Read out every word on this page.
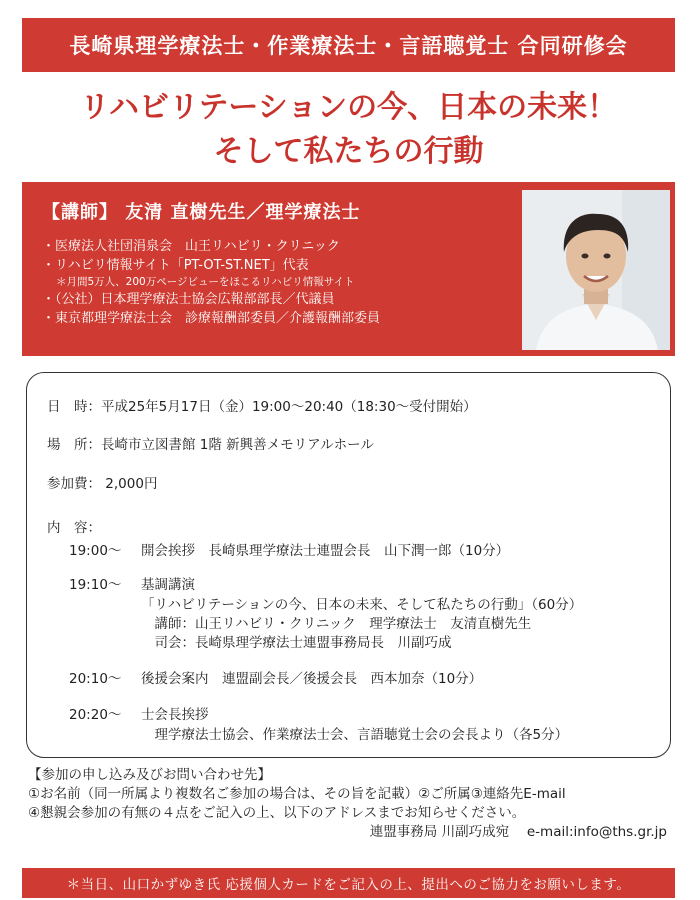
長崎県理学療法士・作業療法士・言語聴覚士 合同研修会
リハビリテーションの今、日本の未来！
そして私たちの行動
【講師】 友清 直樹先生／理学療法士
・医療法人社団涓泉会　山王リハビリ・クリニック
・リハビリ情報サイト「PT-OT-ST.NET」代表
＊月間5万人、200万ページビューをほこるリハビリ情報サイト
・（公社）日本理学療法士協会広報部部長／代議員
・東京都理学療法士会　診療報酬部委員／介護報酬部委員
日　時：平成25年5月17日（金）19:00〜20:40（18:30〜受付開始）
場　所：長崎市立図書館 1階 新興善メモリアルホール
参加費： 2,000円
内　容：
19:00〜 開会挨拶　長崎県理学療法士連盟会長　山下潤一郎（10分）
19:10〜 基調講演
「リハビリテーションの今、日本の未来、そして私たちの行動」（60分）
　講師：山王リハビリ・クリニック　理学療法士　友清直樹先生
　司会：長崎県理学療法士連盟事務局長　川副巧成
20:10〜 後援会案内　連盟副会長／後援会長　西本加奈（10分）
20:20〜 士会長挨拶
　理学療法士協会、作業療法士会、言語聴覚士会の会長より（各5分）
【参加の申し込み及びお問い合わせ先】
①お名前（同一所属より複数名ご参加の場合は、その旨を記載）②ご所属③連絡先E-mail
④懇親会参加の有無の４点をご記入の上、以下のアドレスまでお知らせください。
連盟事務局 川副巧成宛　 e-mail:info@ths.gr.jp
＊当日、山口かずゆき氏 応援個人カードをご記入の上、提出へのご協力をお願いします。
